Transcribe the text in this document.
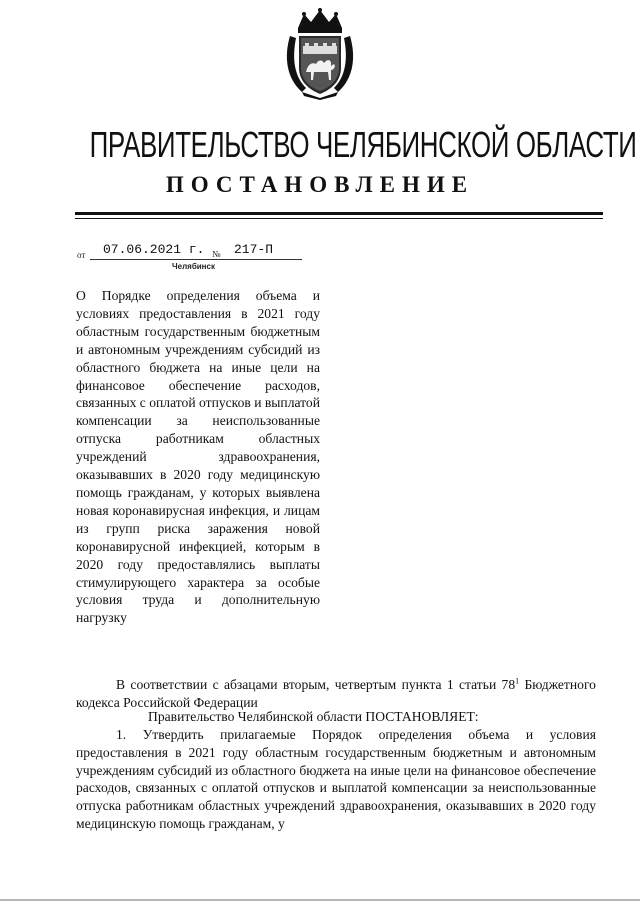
ПРАВИТЕЛЬСТВО ЧЕЛЯБИНСКОЙ ОБЛАСТИ
ПОСТАНОВЛЕНИЕ
от 07.06.2021 г. № 217-П
Челябинск
О Порядке определения объема и условиях предоставления в 2021 году областным государственным бюджетным и автономным учреждениям субсидий из областного бюджета на иные цели на финансовое обеспечение расходов, связанных с оплатой отпусков и выплатой компенсации за неиспользованные отпуска работникам областных учреждений здравоохранения, оказывавших в 2020 году медицинскую помощь гражданам, у которых выявлена новая коронавирусная инфекция, и лицам из групп риска заражения новой коронавирусной инфекцией, которым в 2020 году предоставлялись выплаты стимулирующего характера за особые условия труда и дополнительную нагрузку
В соответствии с абзацами вторым, четвертым пункта 1 статьи $78^1$ Бюджетного кодекса Российской Федерации
Правительство Челябинской области ПОСТАНОВЛЯЕТ:
1. Утвердить прилагаемые Порядок определения объема и условия предоставления в 2021 году областным государственным бюджетным и автономным учреждениям субсидий из областного бюджета на иные цели на финансовое обеспечение расходов, связанных с оплатой отпусков и выплатой компенсации за неиспользованные отпуска работникам областных учреждений здравоохранения, оказывавших в 2020 году медицинскую помощь гражданам, у
